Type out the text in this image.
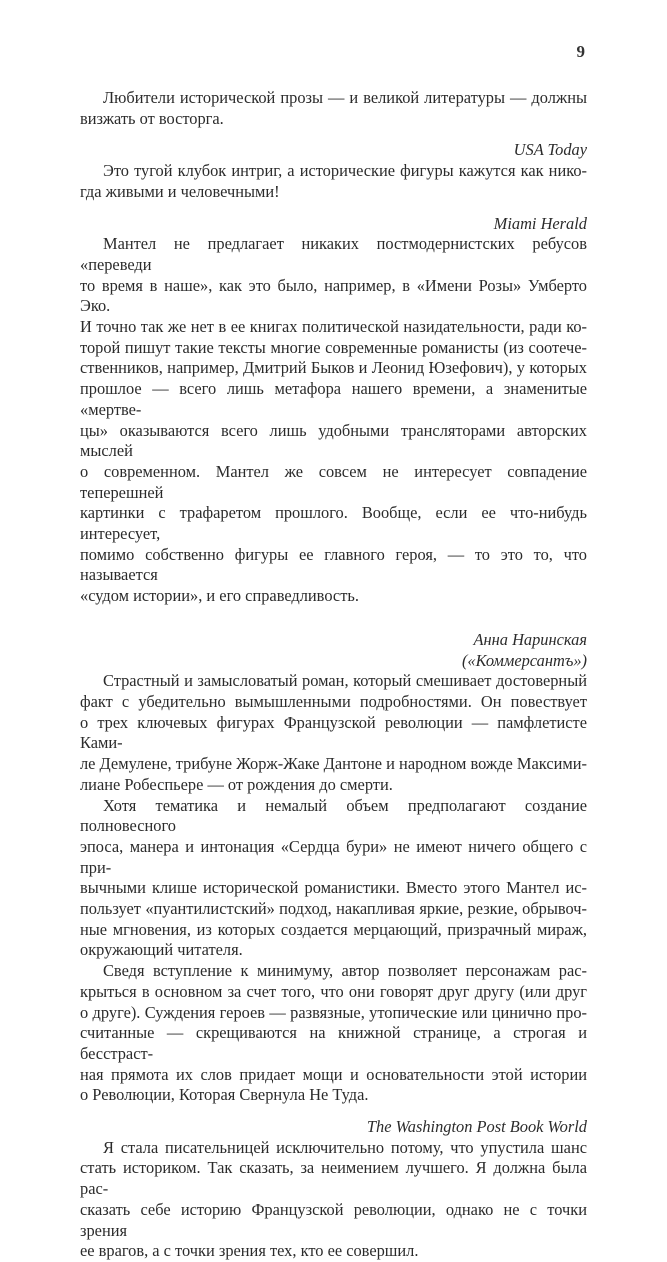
9
Любители исторической прозы — и великой литературы — должны
визжать от восторга.
USA Today
Это тугой клубок интриг, а исторические фигуры кажутся как нико-
гда живыми и человечными!
Miami Herald
Мантел не предлагает никаких постмодернистских ребусов «переведи
то время в наше», как это было, например, в «Имени Розы» Умберто Эко.
И точно так же нет в ее книгах политической назидательности, ради ко-
торой пишут такие тексты многие современные романисты (из соотече-
ственников, например, Дмитрий Быков и Леонид Юзефович), у которых
прошлое — всего лишь метафора нашего времени, а знаменитые «мертве-
цы» оказываются всего лишь удобными трансляторами авторских мыслей
о современном. Мантел же совсем не интересует совпадение теперешней
картинки с трафаретом прошлого. Вообще, если ее что-нибудь интересует,
помимо собственно фигуры ее главного героя, — то это то, что называется
«судом истории», и его справедливость.
Анна Наринская
(«Коммерсантъ»)
Страстный и замысловатый роман, который смешивает достоверный
факт с убедительно вымышленными подробностями. Он повествует
о трех ключевых фигурах Французской революции — памфлетисте Ками-
ле Демулене, трибуне Жорж-Жаке Дантоне и народном вожде Максими-
лиане Робеспьере — от рождения до смерти.
Хотя тематика и немалый объем предполагают создание полновесного
эпоса, манера и интонация «Сердца бури» не имеют ничего общего с при-
вычными клише исторической романистики. Вместо этого Мантел ис-
пользует «пуантилистский» подход, накапливая яркие, резкие, обрывоч-
ные мгновения, из которых создается мерцающий, призрачный мираж,
окружающий читателя.
Сведя вступление к минимуму, автор позволяет персонажам рас-
крыться в основном за счет того, что они говорят друг другу (или друг
о друге). Суждения героев — развязные, утопические или цинично про-
считанные — скрещиваются на книжной странице, а строгая и бесстраст-
ная прямота их слов придает мощи и основательности этой истории
о Революции, Которая Свернула Не Туда.
The Washington Post Book World
Я стала писательницей исключительно потому, что упустила шанс
стать историком. Так сказать, за неимением лучшего. Я должна была рас-
сказать себе историю Французской революции, однако не с точки зрения
ее врагов, а с точки зрения тех, кто ее совершил.
